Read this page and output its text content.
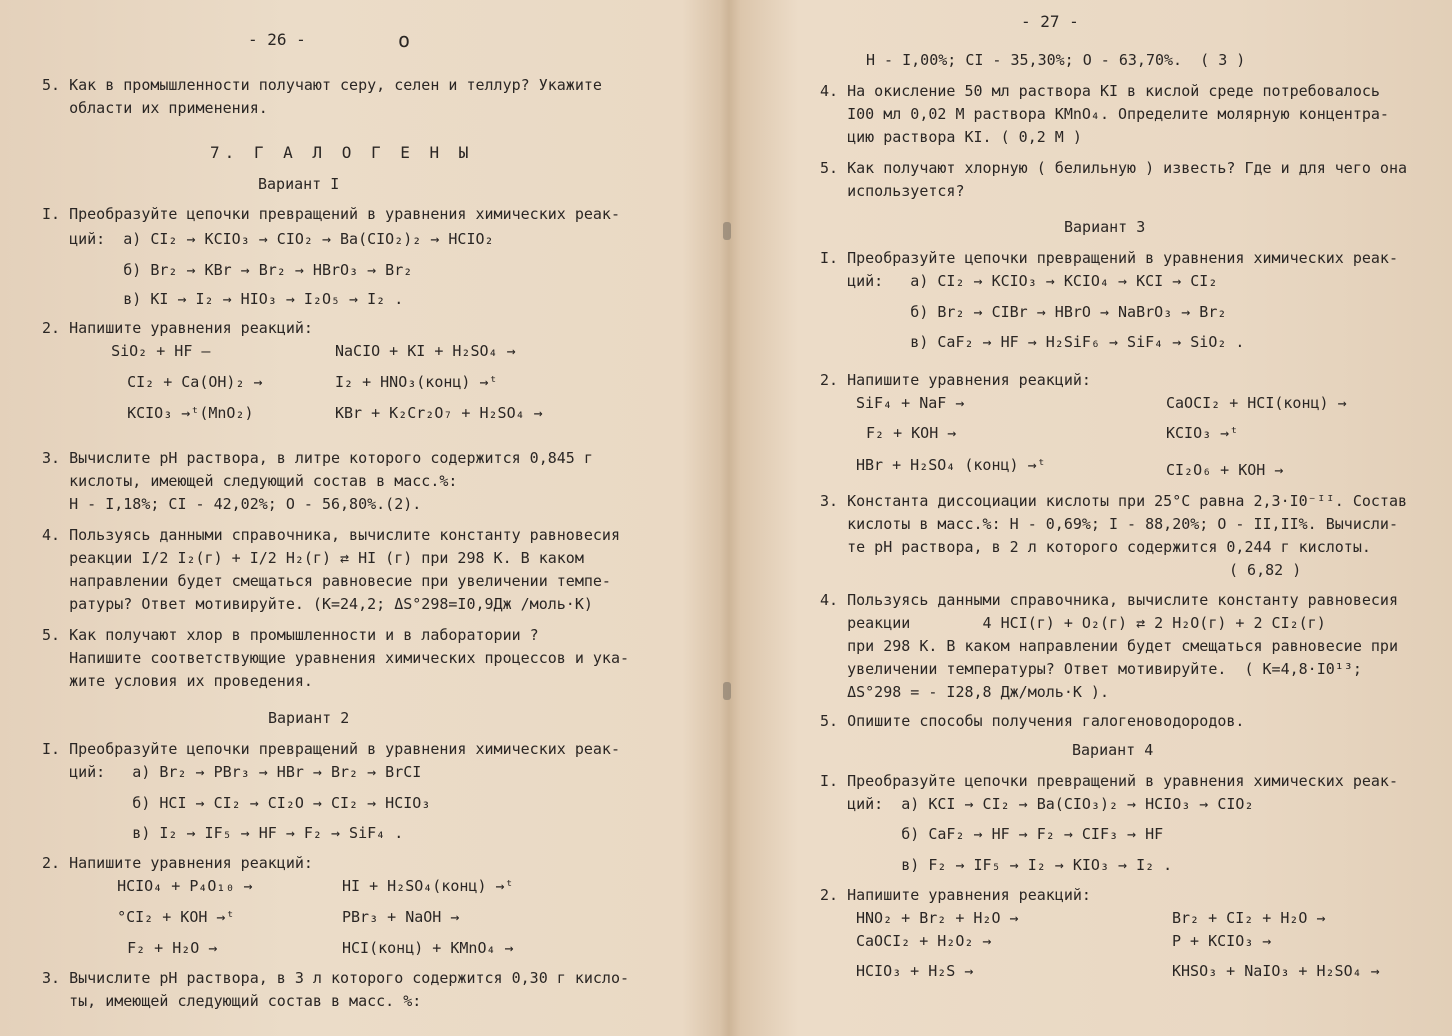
- 26 -	о
5. Как в промышленности получают серу, селен и теллур? Укажите
области их применения.
7. Г А Л О Г Е Н Ы
Вариант I
I. Преобразуйте цепочки превращений в уравнения химических реак-
ций:  а) CI₂ → KCIO₃ → CIO₂ → Ba(CIO₂)₂ → HCIO₂
б) Br₂ → KBr → Br₂ → HBrO₃ → Br₂
в) KI → I₂ → HIO₃ → I₂O₅ → I₂ .
2. Напишите уравнения реакций:
SiO₂ + HF —	NaCIO + KI + H₂SO₄ →
CI₂ + Ca(OH)₂ →	I₂ + HNO₃(конц) →ᵗ
KCIO₃ →ᵗ(MnO₂)	KBr + K₂Cr₂O₇ + H₂SO₄ →
3. Вычислите pH раствора, в литре которого содержится 0,845 г
кислоты, имеющей следующий состав в масс.%:
H - I,18%; CI - 42,02%; O - 56,80%.(2).
4. Пользуясь данными справочника, вычислите константу равновесия
реакции I/2 I₂(г) + I/2 H₂(г) ⇄ HI (г) при 298 К. В каком
направлении будет смещаться равновесие при увеличении темпе-
ратуры? Ответ мотивируйте. (K=24,2; ΔS°298=I0,9Дж /моль·К)
5. Как получают хлор в промышленности и в лаборатории ?
Напишите соответствующие уравнения химических процессов и ука-
жите условия их проведения.
Вариант 2
I. Преобразуйте цепочки превращений в уравнения химических реак-
ций:   а) Br₂ → PBr₃ → HBr → Br₂ → BrCI
б) HCI → CI₂ → CI₂O → CI₂ → HCIO₃
в) I₂ → IF₅ → HF → F₂ → SiF₄ .
2. Напишите уравнения реакций:
HCIO₄ + P₄O₁₀ →	HI + H₂SO₄(конц) →ᵗ
°CI₂ + KOH →ᵗ	PBr₃ + NaOH →
F₂ + H₂O →	HCI(конц) + KMnO₄ →
3. Вычислите pH раствора, в 3 л которого содержится 0,30 г кисло-
ты, имеющей следующий состав в масс. %:
- 27 -
H - I,00%; CI - 35,30%; O - 63,70%.  ( 3 )
4. На окисление 50 мл раствора KI в кислой среде потребовалось
I00 мл 0,02 М раствора KMnO₄. Определите молярную концентра-
цию раствора KI. ( 0,2 М )
5. Как получают хлорную ( белильную ) известь? Где и для чего она
используется?
Вариант 3
I. Преобразуйте цепочки превращений в уравнения химических реак-
ций:   а) CI₂ → KCIO₃ → KCIO₄ → KCI → CI₂
б) Br₂ → CIBr → HBrO → NaBrO₃ → Br₂
в) CaF₂ → HF → H₂SiF₆ → SiF₄ → SiO₂ .
2. Напишите уравнения реакций:
SiF₄ + NaF →	CaOCI₂ + HCI(конц) →
F₂ + KOH →	KCIO₃ →ᵗ
HBr + H₂SO₄ (конц) →ᵗ	CI₂O₆ + KOH →
3. Константа диссоциации кислоты при 25°C равна 2,3·I0⁻ᴵᴵ. Состав
кислоты в масс.%: H - 0,69%; I - 88,20%; O - II,II%. Вычисли-
те pH раствора, в 2 л которого содержится 0,244 г кислоты.
( 6,82 )
4. Пользуясь данными справочника, вычислите константу равновесия
реакции        4 HCI(г) + O₂(г) ⇄ 2 H₂O(г) + 2 CI₂(г)
при 298 К. В каком направлении будет смещаться равновесие при
увеличении температуры? Ответ мотивируйте.  ( K=4,8·I0¹³;
ΔS°298 = - I28,8 Дж/моль·К ).
5. Опишите способы получения галогеноводородов.
Вариант 4
I. Преобразуйте цепочки превращений в уравнения химических реак-
ций:  а) KCI → CI₂ → Ba(CIO₃)₂ → HCIO₃ → CIO₂
б) CaF₂ → HF → F₂ → CIF₃ → HF
в) F₂ → IF₅ → I₂ → KIO₃ → I₂ .
2. Напишите уравнения реакций:
HNO₂ + Br₂ + H₂O →	Br₂ + CI₂ + H₂O →
CaOCI₂ + H₂O₂ →	P + KCIO₃ →
HCIO₃ + H₂S →	KHSO₃ + NaIO₃ + H₂SO₄ →
